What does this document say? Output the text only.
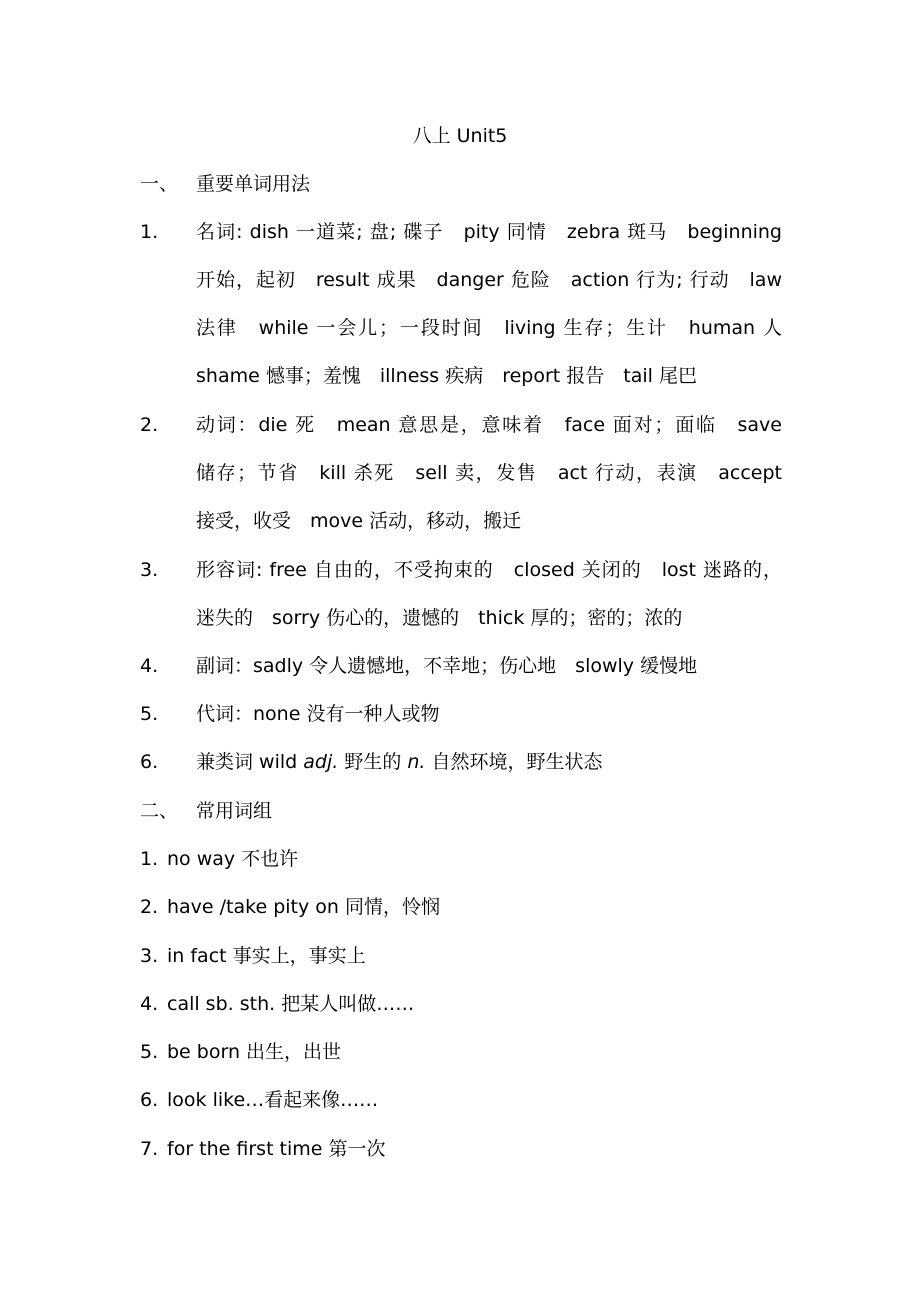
八上 Unit5
一、 重要单词用法
1. 名词: dish 一道菜; 盘; 碟子　pity 同情　zebra 斑马　beginning
开始，起初　result 成果　danger 危险　action 行为; 行动　law
法律　while 一会儿；一段时间　living 生存；生计　human 人
shame 憾事；羞愧　illness 疾病　report 报告　tail 尾巴
2. 动词：die 死　mean 意思是，意味着　face 面对；面临　save
储存；节省　kill 杀死　sell 卖，发售　act 行动，表演　accept
接受，收受　move 活动，移动，搬迁
3. 形容词: free 自由的，不受拘束的　closed 关闭的　lost 迷路的，
迷失的　sorry 伤心的，遗憾的　thick 厚的；密的；浓的
4. 副词：sadly 令人遗憾地，不幸地；伤心地　slowly 缓慢地
5. 代词：none 没有一种人或物
6. 兼类词 wild adj. 野生的 n. 自然环境，野生状态
二、 常用词组
1. no way 不也许
2. have /take pity on 同情，怜悯
3. in fact 事实上，事实上
4. call sb. sth. 把某人叫做……
5. be born 出生，出世
6. look like…看起来像……
7. for the first time 第一次
